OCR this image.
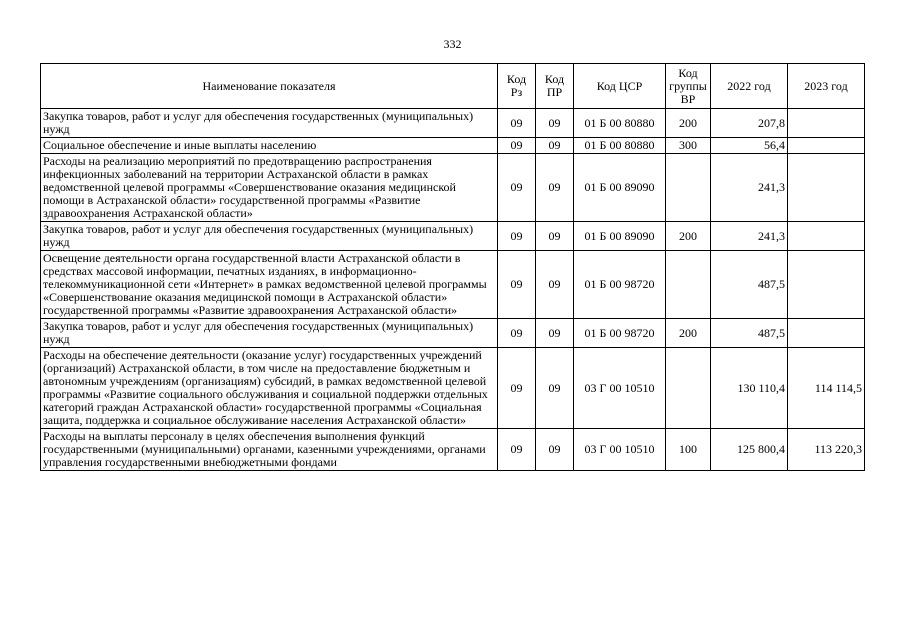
332
Наименование показателя	Код Рз	Код ПР	Код ЦСР	Код группы ВР	2022 год	2023 год
Закупка товаров, работ и услуг для обеспечения государственных (муниципальных) нужд	09	09	01 Б 00 80880	200	207,8	
Социальное обеспечение и иные выплаты населению	09	09	01 Б 00 80880	300	56,4	
Расходы на реализацию мероприятий по предотвращению распространения инфекционных заболеваний на территории Астраханской области в рамках ведомственной целевой программы «Совершенствование оказания медицинской помощи в Астраханской области» государственной программы «Развитие здравоохранения Астраханской области»	09	09	01 Б 00 89090		241,3	
Закупка товаров, работ и услуг для обеспечения государственных (муниципальных) нужд	09	09	01 Б 00 89090	200	241,3	
Освещение деятельности органа государственной власти Астраханской области в средствах массовой информации, печатных изданиях, в информационно-телекоммуникационной сети «Интернет» в рамках ведомственной целевой программы «Совершенствование оказания медицинской помощи в Астраханской области» государственной программы «Развитие здравоохранения Астраханской области»	09	09	01 Б 00 98720		487,5	
Закупка товаров, работ и услуг для обеспечения государственных (муниципальных) нужд	09	09	01 Б 00 98720	200	487,5	
Расходы на обеспечение деятельности (оказание услуг) государственных учреждений (организаций) Астраханской области, в том числе на предоставление бюджетным и автономным учреждениям (организациям) субсидий, в рамках ведомственной целевой программы «Развитие социального обслуживания и социальной поддержки отдельных категорий граждан Астраханской области» государственной программы «Социальная защита, поддержка и социальное обслуживание населения Астраханской области»	09	09	03 Г 00 10510		130 110,4	114 114,5
Расходы на выплаты персоналу в целях обеспечения выполнения функций государственными (муниципальными) органами, казенными учреждениями, органами управления государственными внебюджетными фондами	09	09	03 Г 00 10510	100	125 800,4	113 220,3
